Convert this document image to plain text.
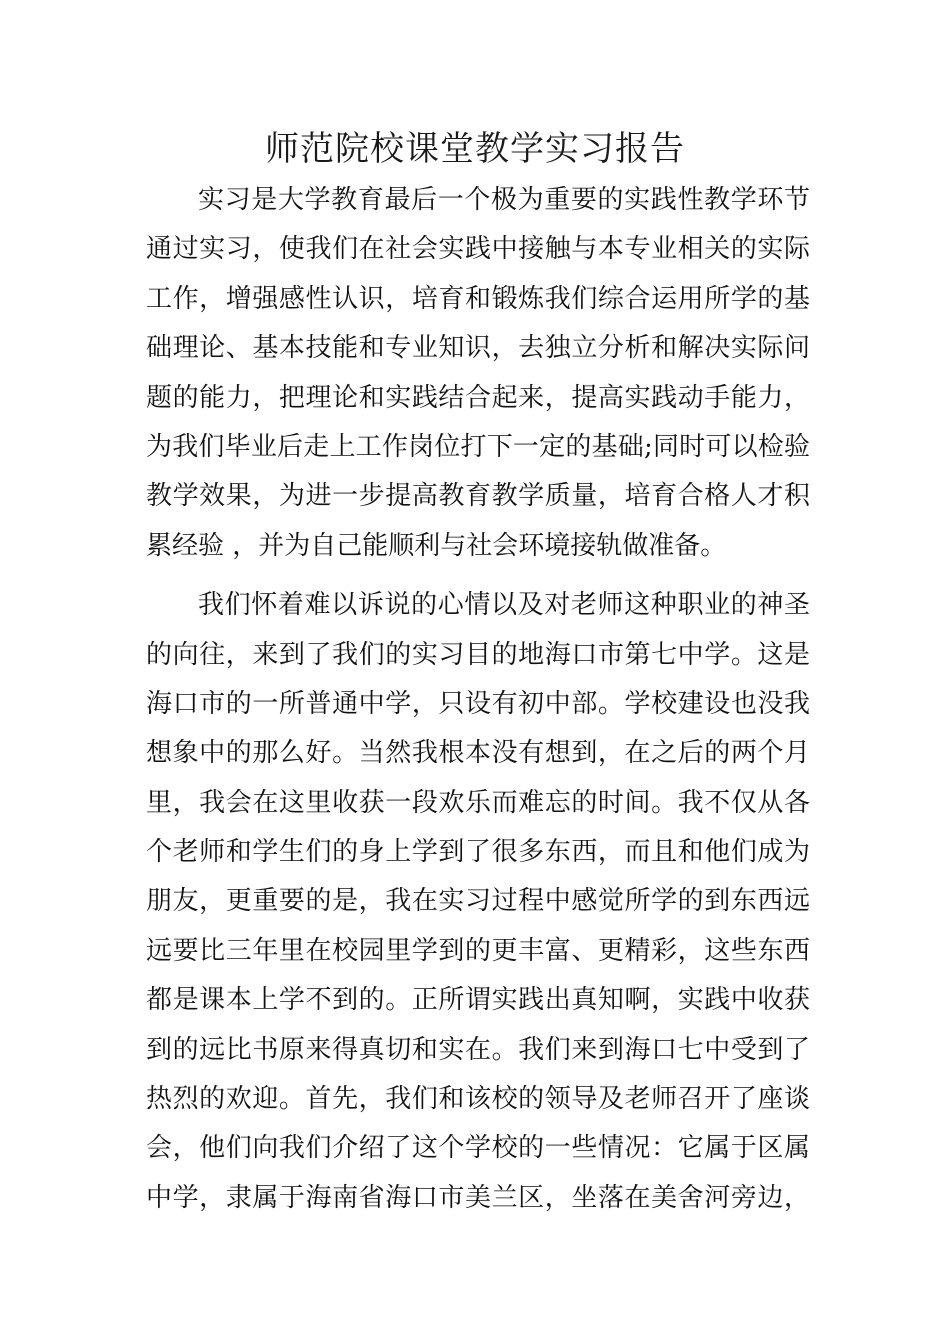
师范院校课堂教学实习报告
实习是大学教育最后一个极为重要的实践性教学环节
通过实习，使我们在社会实践中接触与本专业相关的实际
工作，增强感性认识，培育和锻炼我们综合运用所学的基
础理论、基本技能和专业知识，去独立分析和解决实际问
题的能力，把理论和实践结合起来，提高实践动手能力，
为我们毕业后走上工作岗位打下一定的基础;同时可以检验
教学效果，为进一步提高教育教学质量，培育合格人才积
累经验 ，并为自己能顺利与社会环境接轨做准备。
我们怀着难以诉说的心情以及对老师这种职业的神圣
的向往，来到了我们的实习目的地海口市第七中学。这是
海口市的一所普通中学，只设有初中部。学校建设也没我
想象中的那么好。当然我根本没有想到，在之后的两个月
里，我会在这里收获一段欢乐而难忘的时间。我不仅从各
个老师和学生们的身上学到了很多东西，而且和他们成为
朋友，更重要的是，我在实习过程中感觉所学的到东西远
远要比三年里在校园里学到的更丰富、更精彩，这些东西
都是课本上学不到的。正所谓实践出真知啊，实践中收获
到的远比书原来得真切和实在。我们来到海口七中受到了
热烈的欢迎。首先，我们和该校的领导及老师召开了座谈
会，他们向我们介绍了这个学校的一些情况：它属于区属
中学，隶属于海南省海口市美兰区，坐落在美舍河旁边，
